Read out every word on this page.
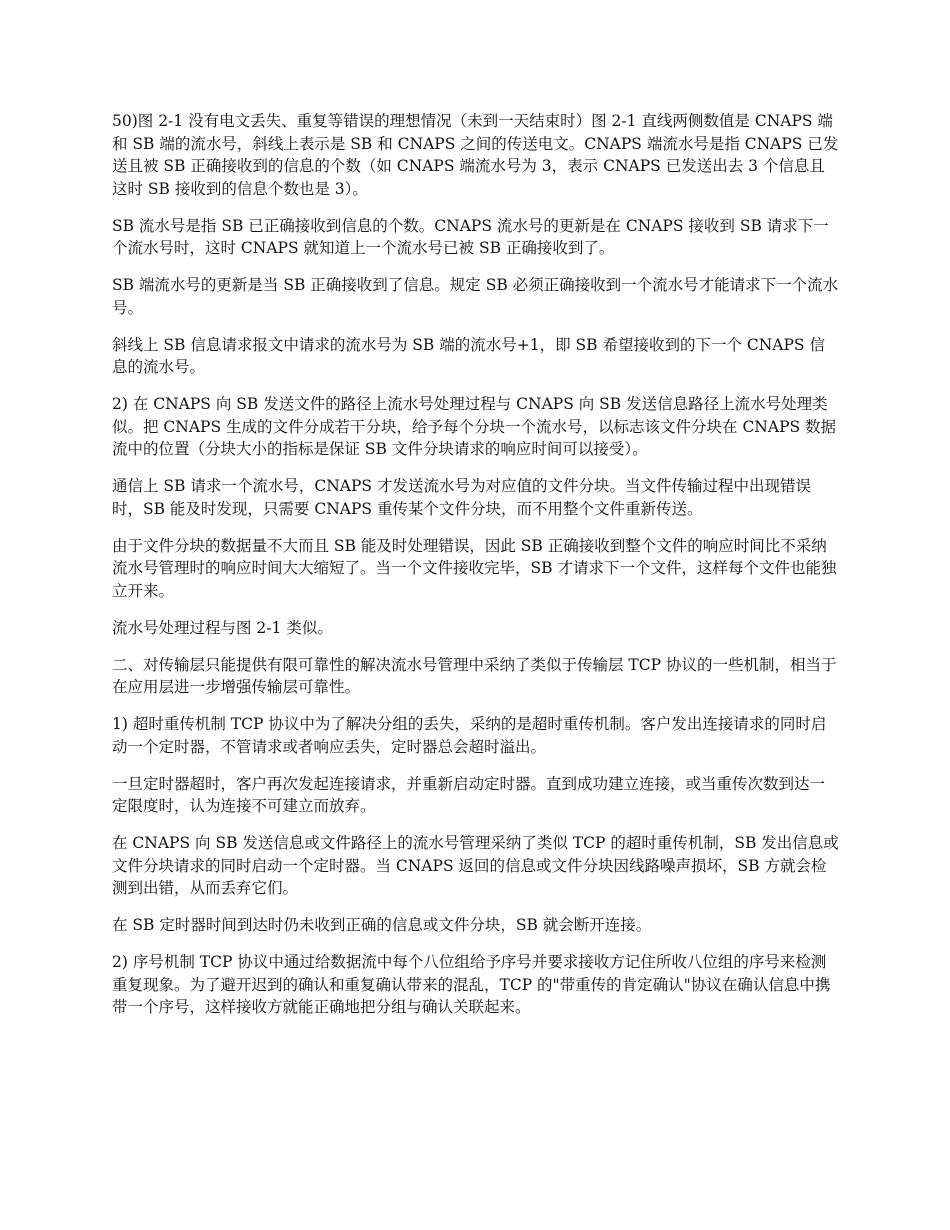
50)图 2-1 没有电文丢失、重复等错误的理想情况（未到一天结束时）图 2-1 直线两侧数值是 CNAPS 端和 SB 端的流水号，斜线上表示是 SB 和 CNAPS 之间的传送电文。CNAPS 端流水号是指 CNAPS 已发送且被 SB 正确接收到的信息的个数（如 CNAPS 端流水号为 3，表示 CNAPS 已发送出去 3 个信息且这时 SB 接收到的信息个数也是 3）。

SB 流水号是指 SB 已正确接收到信息的个数。CNAPS 流水号的更新是在 CNAPS 接收到 SB 请求下一个流水号时，这时 CNAPS 就知道上一个流水号已被 SB 正确接收到了。

SB 端流水号的更新是当 SB 正确接收到了信息。规定 SB 必须正确接收到一个流水号才能请求下一个流水号。

斜线上 SB 信息请求报文中请求的流水号为 SB 端的流水号+1，即 SB 希望接收到的下一个 CNAPS 信息的流水号。

2) 在 CNAPS 向 SB 发送文件的路径上流水号处理过程与 CNAPS 向 SB 发送信息路径上流水号处理类似。把 CNAPS 生成的文件分成若干分块，给予每个分块一个流水号，以标志该文件分块在 CNAPS 数据流中的位置（分块大小的指标是保证 SB 文件分块请求的响应时间可以接受）。

通信上 SB 请求一个流水号，CNAPS 才发送流水号为对应值的文件分块。当文件传输过程中出现错误时，SB 能及时发现，只需要 CNAPS 重传某个文件分块，而不用整个文件重新传送。

由于文件分块的数据量不大而且 SB 能及时处理错误，因此 SB 正确接收到整个文件的响应时间比不采纳流水号管理时的响应时间大大缩短了。当一个文件接收完毕，SB 才请求下一个文件，这样每个文件也能独立开来。

流水号处理过程与图 2-1 类似。

二、对传输层只能提供有限可靠性的解决流水号管理中采纳了类似于传输层 TCP 协议的一些机制，相当于在应用层进一步增强传输层可靠性。

1) 超时重传机制 TCP 协议中为了解决分组的丢失，采纳的是超时重传机制。客户发出连接请求的同时启动一个定时器，不管请求或者响应丢失，定时器总会超时溢出。

一旦定时器超时，客户再次发起连接请求，并重新启动定时器。直到成功建立连接，或当重传次数到达一定限度时，认为连接不可建立而放弃。

在 CNAPS 向 SB 发送信息或文件路径上的流水号管理采纳了类似 TCP 的超时重传机制，SB 发出信息或文件分块请求的同时启动一个定时器。当 CNAPS 返回的信息或文件分块因线路噪声损坏，SB 方就会检测到出错，从而丢弃它们。

在 SB 定时器时间到达时仍未收到正确的信息或文件分块，SB 就会断开连接。

2) 序号机制 TCP 协议中通过给数据流中每个八位组给予序号并要求接收方记住所收八位组的序号来检测重复现象。为了避开迟到的确认和重复确认带来的混乱，TCP 的"带重传的肯定确认"协议在确认信息中携带一个序号，这样接收方就能正确地把分组与确认关联起来。
